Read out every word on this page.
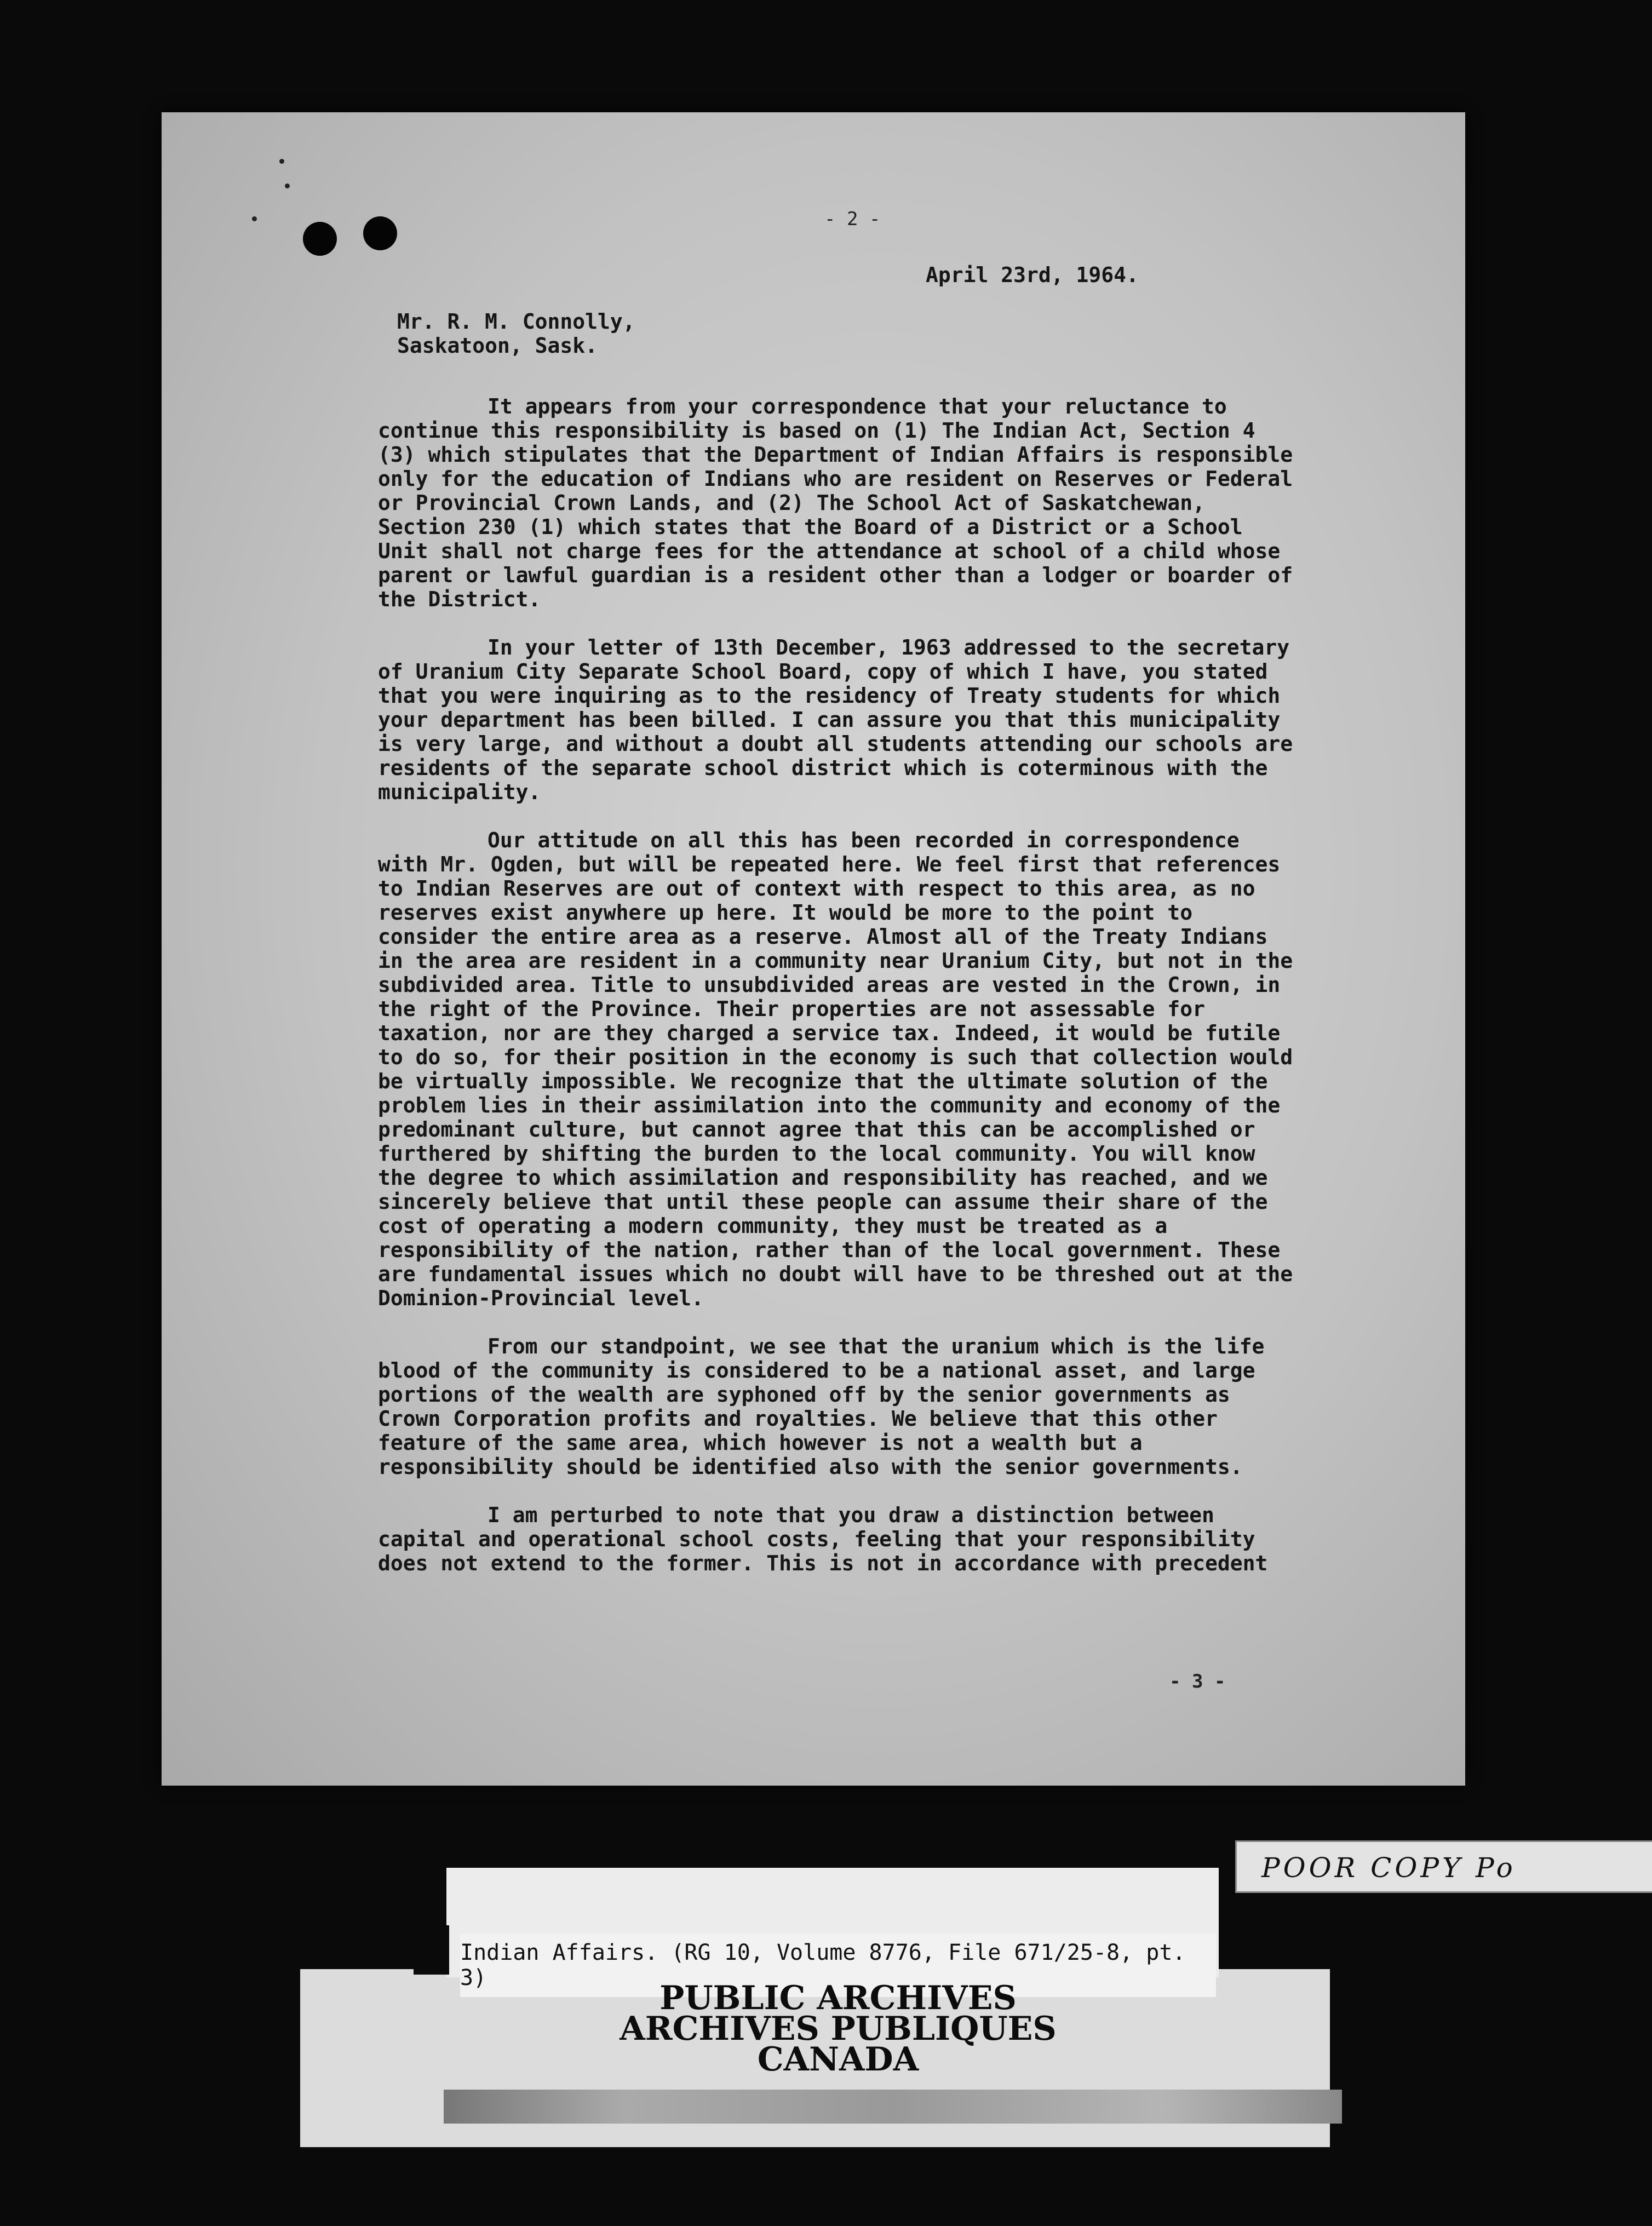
- 2 -
April 23rd, 1964.
Mr. R. M. Connolly,
Saskatoon, Sask.

It appears from your correspondence that your reluctance to continue this responsibility is based on (1) The Indian Act, Section 4 (3) which stipulates that the Department of Indian Affairs is responsible only for the education of Indians who are resident on Reserves or Federal or Provincial Crown Lands, and (2) The School Act of Saskatchewan, Section 230 (1) which states that the Board of a District or a School Unit shall not charge fees for the attendance at school of a child whose parent or lawful guardian is a resident other than a lodger or boarder of the District.

In your letter of 13th December, 1963 addressed to the secretary of Uranium City Separate School Board, copy of which I have, you stated that you were inquiring as to the residency of Treaty students for which your department has been billed. I can assure you that this municipality is very large, and without a doubt all students attending our schools are residents of the separate school district which is coterminous with the municipality.

Our attitude on all this has been recorded in correspondence with Mr. Ogden, but will be repeated here. We feel first that references to Indian Reserves are out of context with respect to this area, as no reserves exist anywhere up here. It would be more to the point to consider the entire area as a reserve. Almost all of the Treaty Indians in the area are resident in a community near Uranium City, but not in the subdivided area. Title to unsubdivided areas are vested in the Crown, in the right of the Province. Their properties are not assessable for taxation, nor are they charged a service tax. Indeed, it would be futile to do so, for their position in the economy is such that collection would be virtually impossible. We recognize that the ultimate solution of the problem lies in their assimilation into the community and economy of the predominant culture, but cannot agree that this can be accomplished or furthered by shifting the burden to the local community. You will know the degree to which assimilation and responsibility has reached, and we sincerely believe that until these people can assume their share of the cost of operating a modern community, they must be treated as a responsibility of the nation, rather than of the local government. These are fundamental issues which no doubt will have to be threshed out at the Dominion-Provincial level.

From our standpoint, we see that the uranium which is the life blood of the community is considered to be a national asset, and large portions of the wealth are syphoned off by the senior governments as Crown Corporation profits and royalties. We believe that this other feature of the same area, which however is not a wealth but a responsibility should be identified also with the senior governments.

I am perturbed to note that you draw a distinction between capital and operational school costs, feeling that your responsibility does not extend to the former. This is not in accordance with precedent

- 3 -
POOR COPY Po
Indian Affairs. (RG 10, Volume 8776, File 671/25-8, pt. 3)
PUBLIC ARCHIVES
ARCHIVES PUBLIQUES
CANADA
